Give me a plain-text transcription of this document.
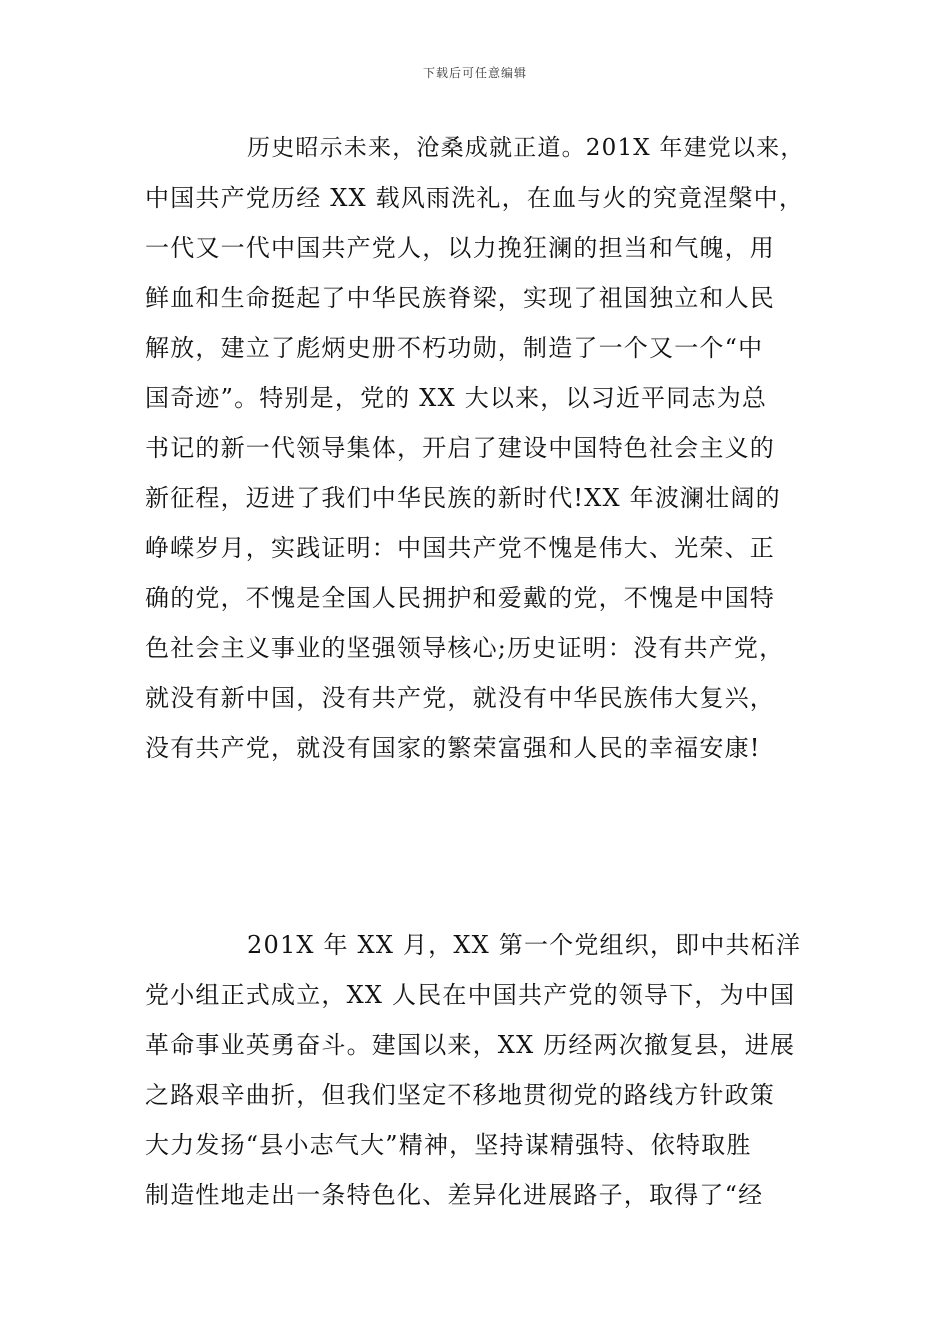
下载后可任意编辑
历史昭示未来，沧桑成就正道。201X 年建党以来，
中国共产党历经 XX 载风雨洗礼，在血与火的究竟涅槃中，
一代又一代中国共产党人，以力挽狂澜的担当和气魄，用
鲜血和生命挺起了中华民族脊梁，实现了祖国独立和人民
解放，建立了彪炳史册不朽功勋，制造了一个又一个“中
国奇迹”。特别是，党的 XX 大以来，以习近平同志为总
书记的新一代领导集体，开启了建设中国特色社会主义的
新征程，迈进了我们中华民族的新时代!XX 年波澜壮阔的
峥嵘岁月，实践证明：中国共产党不愧是伟大、光荣、正
确的党，不愧是全国人民拥护和爱戴的党，不愧是中国特
色社会主义事业的坚强领导核心;历史证明：没有共产党，
就没有新中国，没有共产党，就没有中华民族伟大复兴，
没有共产党，就没有国家的繁荣富强和人民的幸福安康!
201X 年 XX 月，XX 第一个党组织，即中共柘洋
党小组正式成立，XX 人民在中国共产党的领导下，为中国
革命事业英勇奋斗。建国以来，XX 历经两次撤复县，进展
之路艰辛曲折，但我们坚定不移地贯彻党的路线方针政策
大力发扬“县小志气大”精神，坚持谋精强特、依特取胜
制造性地走出一条特色化、差异化进展路子，取得了“经
